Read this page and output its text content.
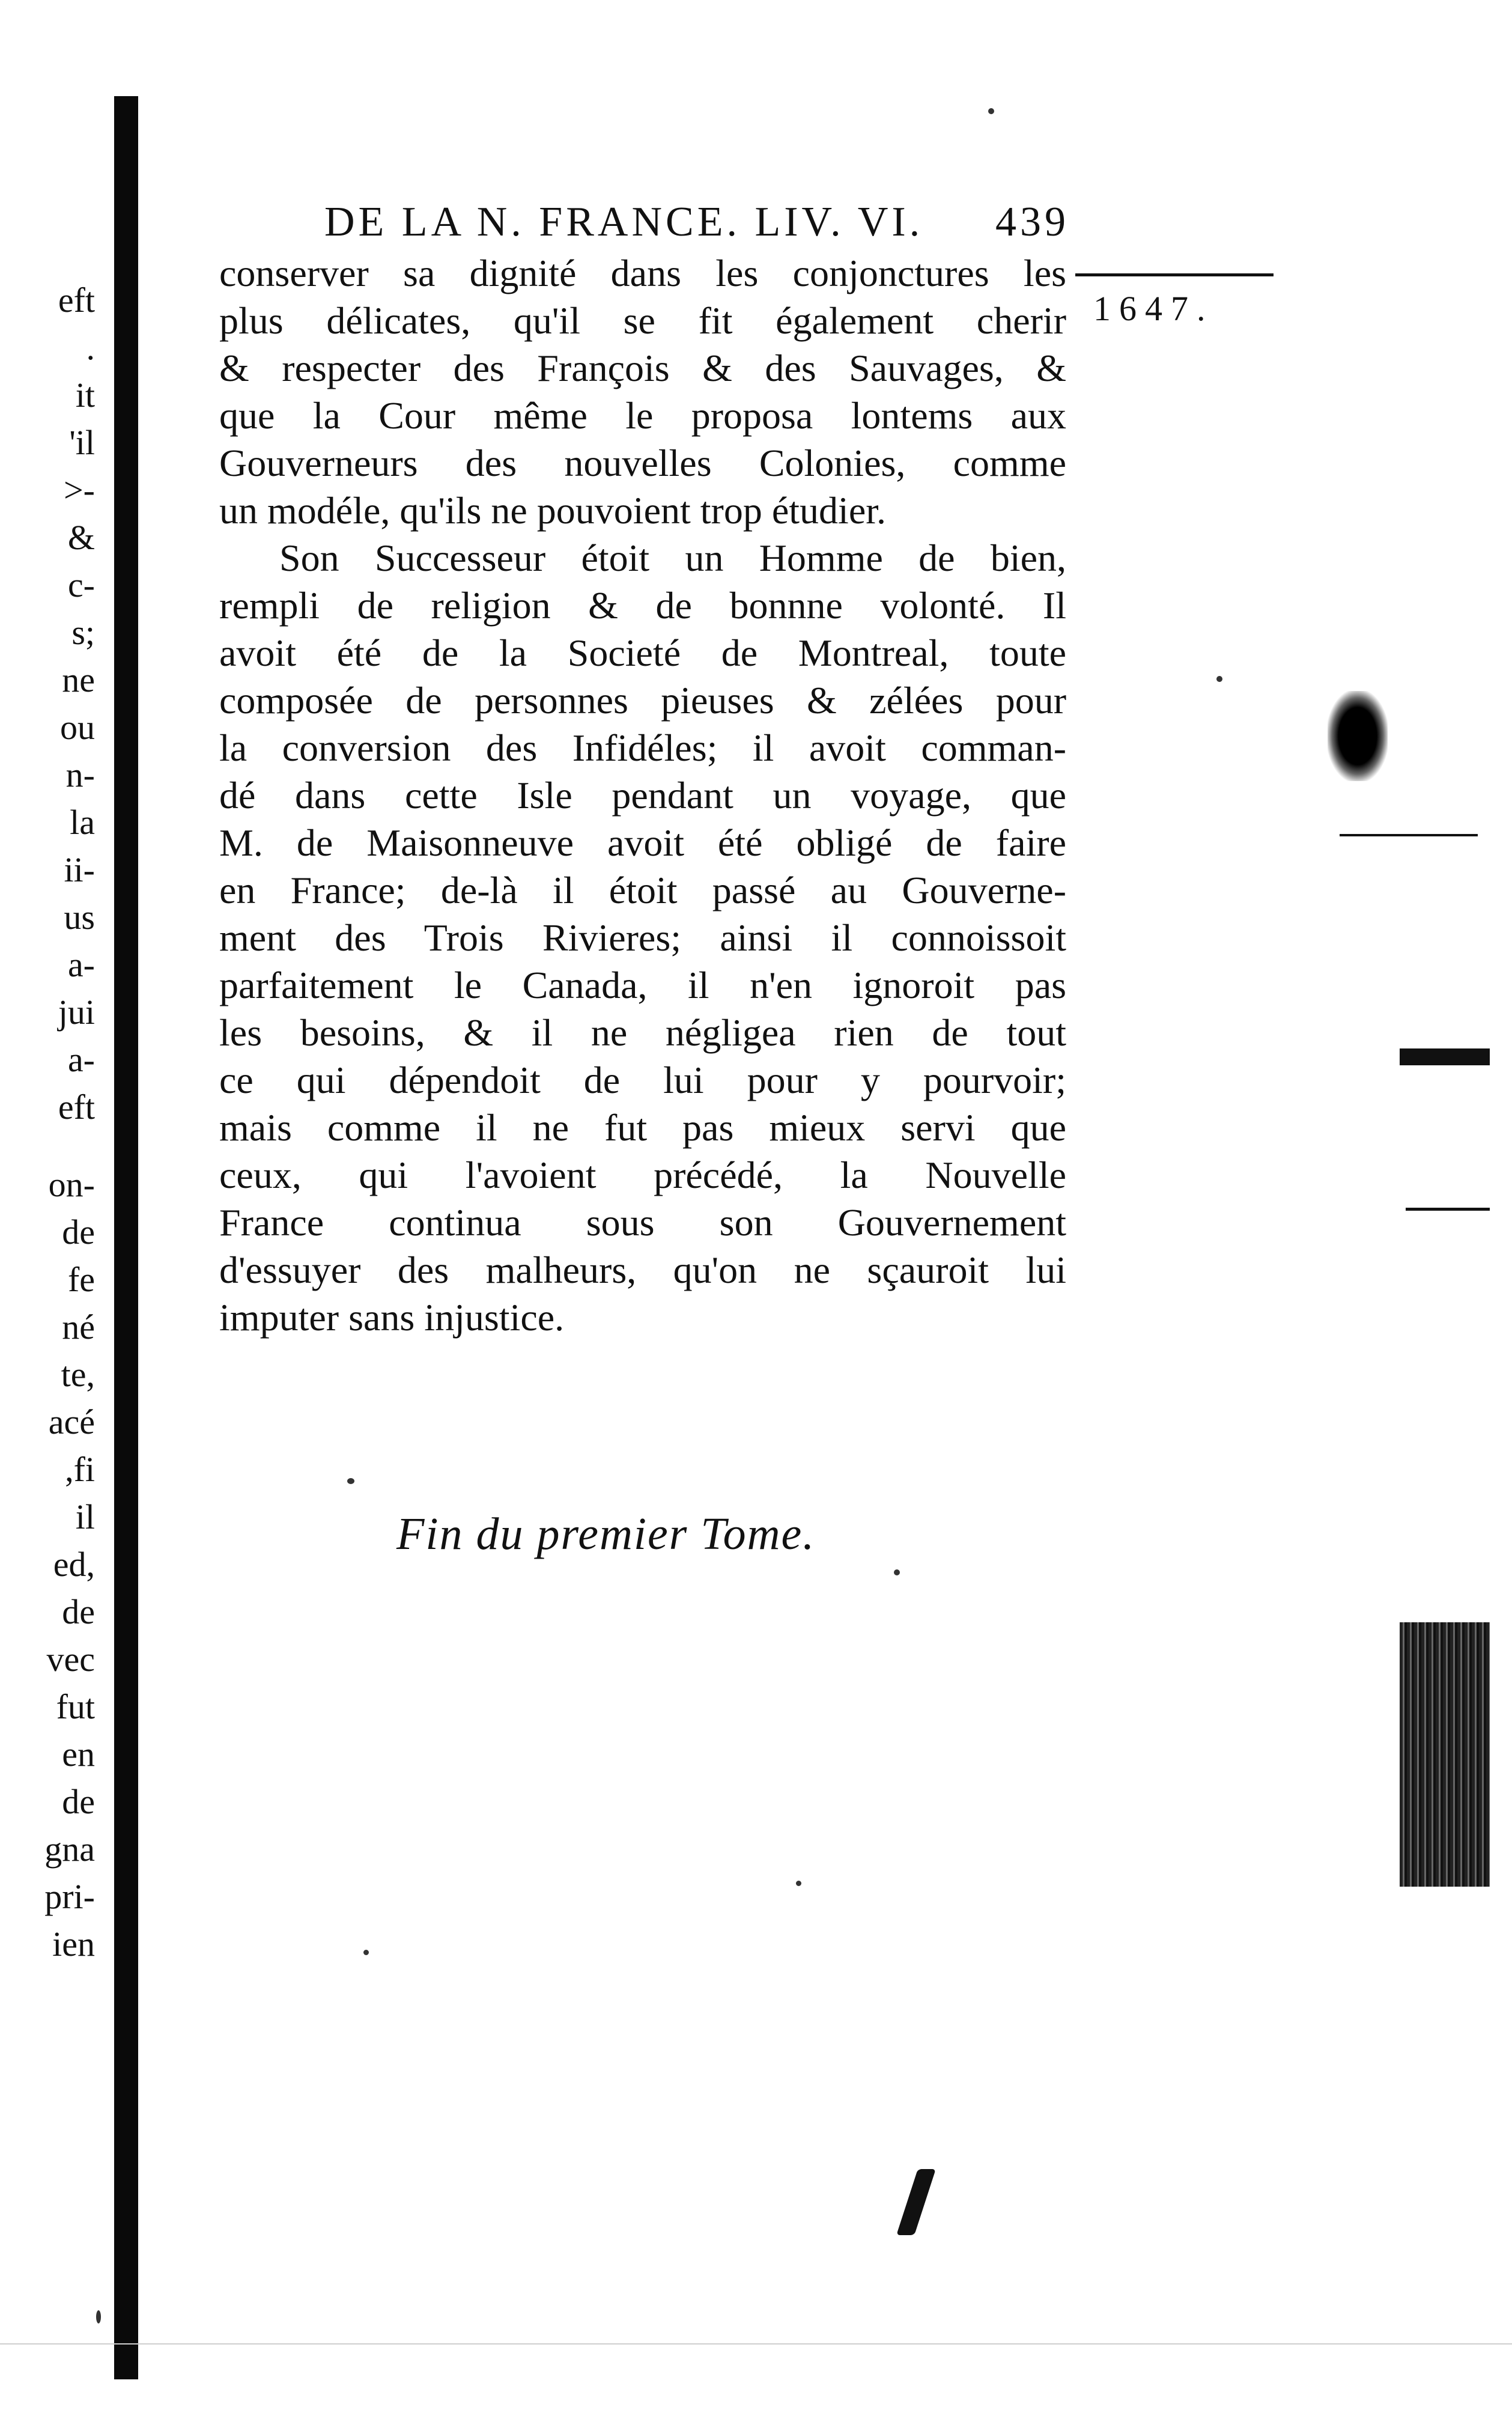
eft
.
it
'il
>-
&
c-
s;
ne
ou
n-
la
ii-
us
a-
jui
a-
eft
on-
de
fe
né
te,
acé
,fi
il
ed,
de
vec
fut
en
de
gna
pri-
ien
DE LA N. FRANCE. LIV. VI. 439
1647.
conserver sa dignité dans les conjonctures les
plus délicates, qu'il se fit également cherir
& respecter des François & des Sauvages, &
que la Cour même le proposa lontems aux
Gouverneurs des nouvelles Colonies, comme
un modéle, qu'ils ne pouvoient trop étudier.
Son Successeur étoit un Homme de bien,
rempli de religion & de bonnne volonté. Il
avoit été de la Societé de Montreal, toute
composée de personnes pieuses & zélées pour
la conversion des Infidéles; il avoit comman-
dé dans cette Isle pendant un voyage, que
M. de Maisonneuve avoit été obligé de faire
en France; de-là il étoit passé au Gouverne-
ment des Trois Rivieres; ainsi il connoissoit
parfaitement le Canada, il n'en ignoroit pas
les besoins, & il ne négligea rien de tout
ce qui dépendoit de lui pour y pourvoir;
mais comme il ne fut pas mieux servi que
ceux, qui l'avoient précédé, la Nouvelle
France continua sous son Gouvernement
d'essuyer des malheurs, qu'on ne sçauroit lui
imputer sans injustice.
Fin du premier Tome.
